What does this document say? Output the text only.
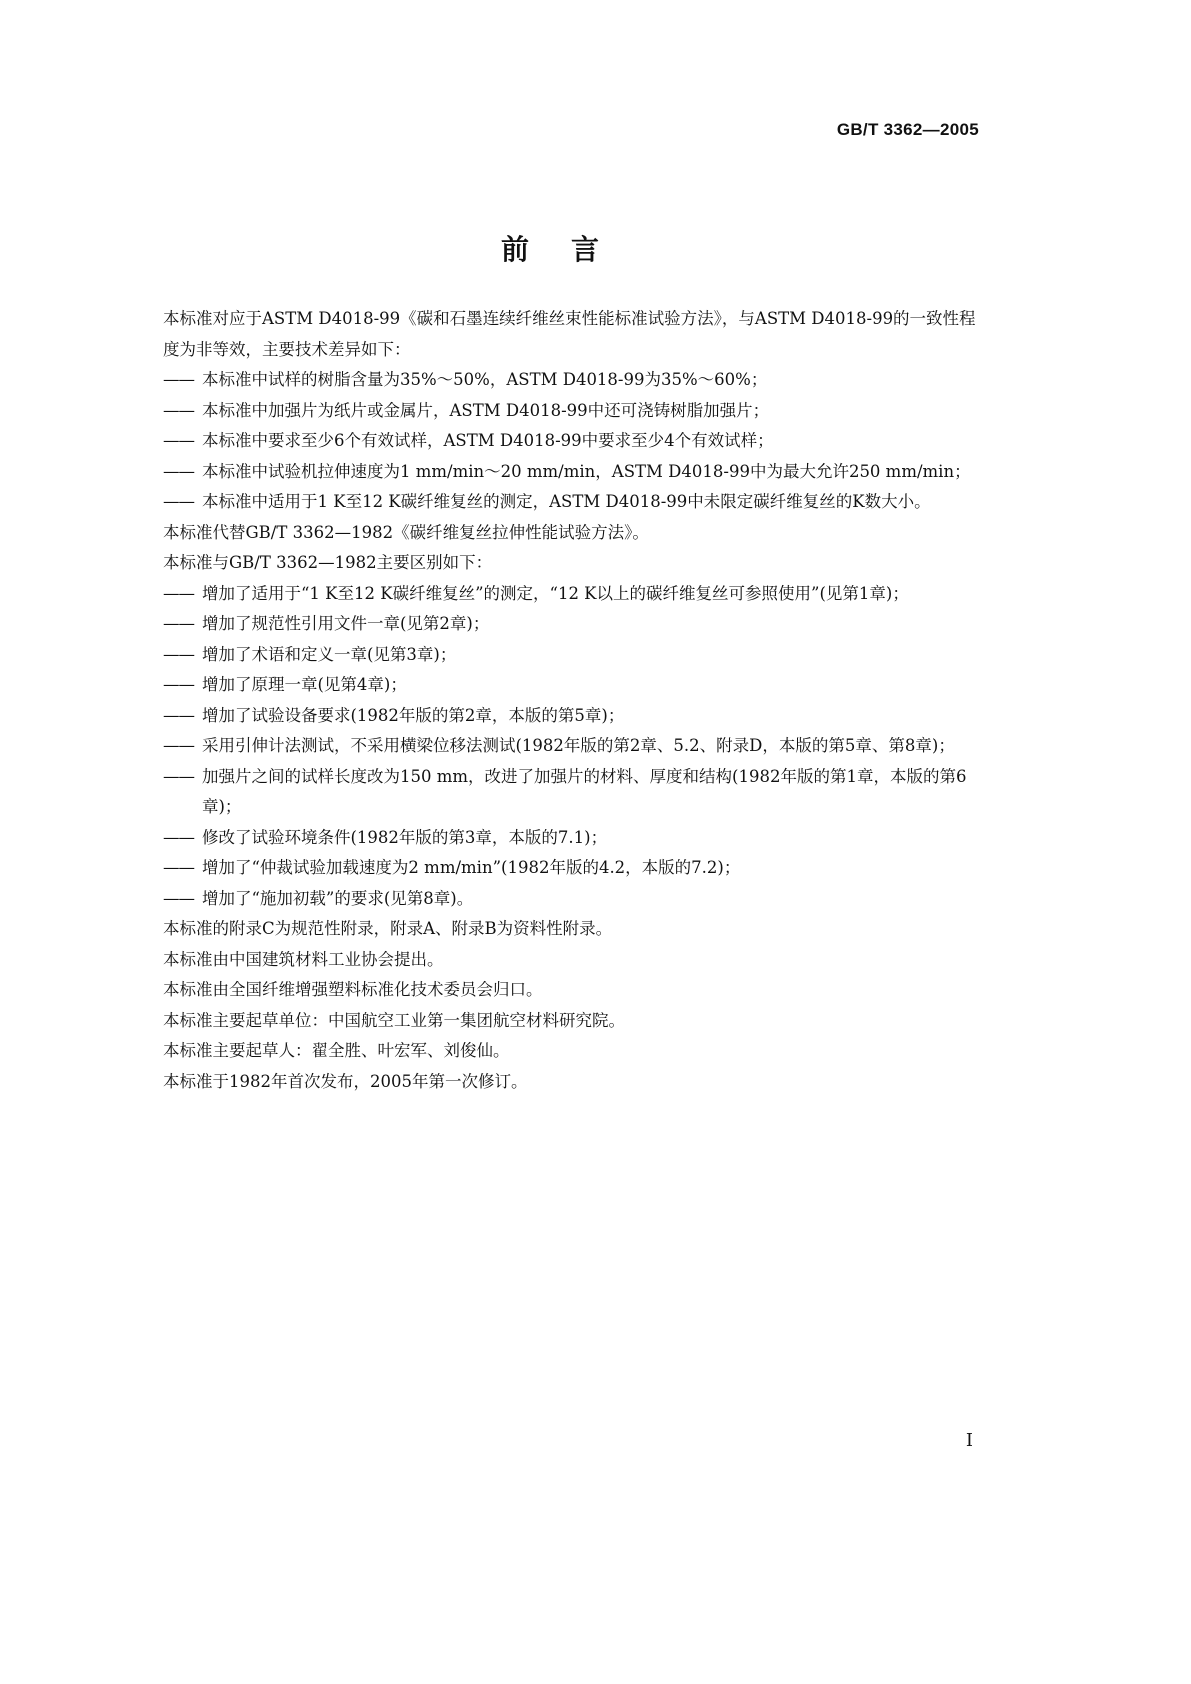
GB/T 3362—2005
前言

本标准对应于ASTM D4018-99《碳和石墨连续纤维丝束性能标准试验方法》，与ASTM D4018-99的一致性程度为非等效，主要技术差异如下：

—— 本标准中试样的树脂含量为35%～50%，ASTM D4018-99为35%～60%；

—— 本标准中加强片为纸片或金属片，ASTM D4018-99中还可浇铸树脂加强片；

—— 本标准中要求至少6个有效试样，ASTM D4018-99中要求至少4个有效试样；

—— 本标准中试验机拉伸速度为1 mm/min～20 mm/min，ASTM D4018-99中为最大允许250 mm/min；

—— 本标准中适用于1 K至12 K碳纤维复丝的测定，ASTM D4018-99中未限定碳纤维复丝的K数大小。

本标准代替GB/T 3362—1982《碳纤维复丝拉伸性能试验方法》。

本标准与GB/T 3362—1982主要区别如下：

—— 增加了适用于“1 K至12 K碳纤维复丝”的测定，“12 K以上的碳纤维复丝可参照使用”(见第1章)；

—— 增加了规范性引用文件一章(见第2章)；

—— 增加了术语和定义一章(见第3章)；

—— 增加了原理一章(见第4章)；

—— 增加了试验设备要求(1982年版的第2章，本版的第5章)；

—— 采用引伸计法测试，不采用横梁位移法测试(1982年版的第2章、5.2、附录D，本版的第5章、第8章)；

—— 加强片之间的试样长度改为150 mm，改进了加强片的材料、厚度和结构(1982年版的第1章，本版的第6章)；

—— 修改了试验环境条件(1982年版的第3章，本版的7.1)；

—— 增加了“仲裁试验加载速度为2 mm/min”(1982年版的4.2，本版的7.2)；

—— 增加了“施加初载”的要求(见第8章)。

本标准的附录C为规范性附录，附录A、附录B为资料性附录。

本标准由中国建筑材料工业协会提出。

本标准由全国纤维增强塑料标准化技术委员会归口。

本标准主要起草单位：中国航空工业第一集团航空材料研究院。

本标准主要起草人：翟全胜、叶宏军、刘俊仙。

本标准于1982年首次发布，2005年第一次修订。

I
